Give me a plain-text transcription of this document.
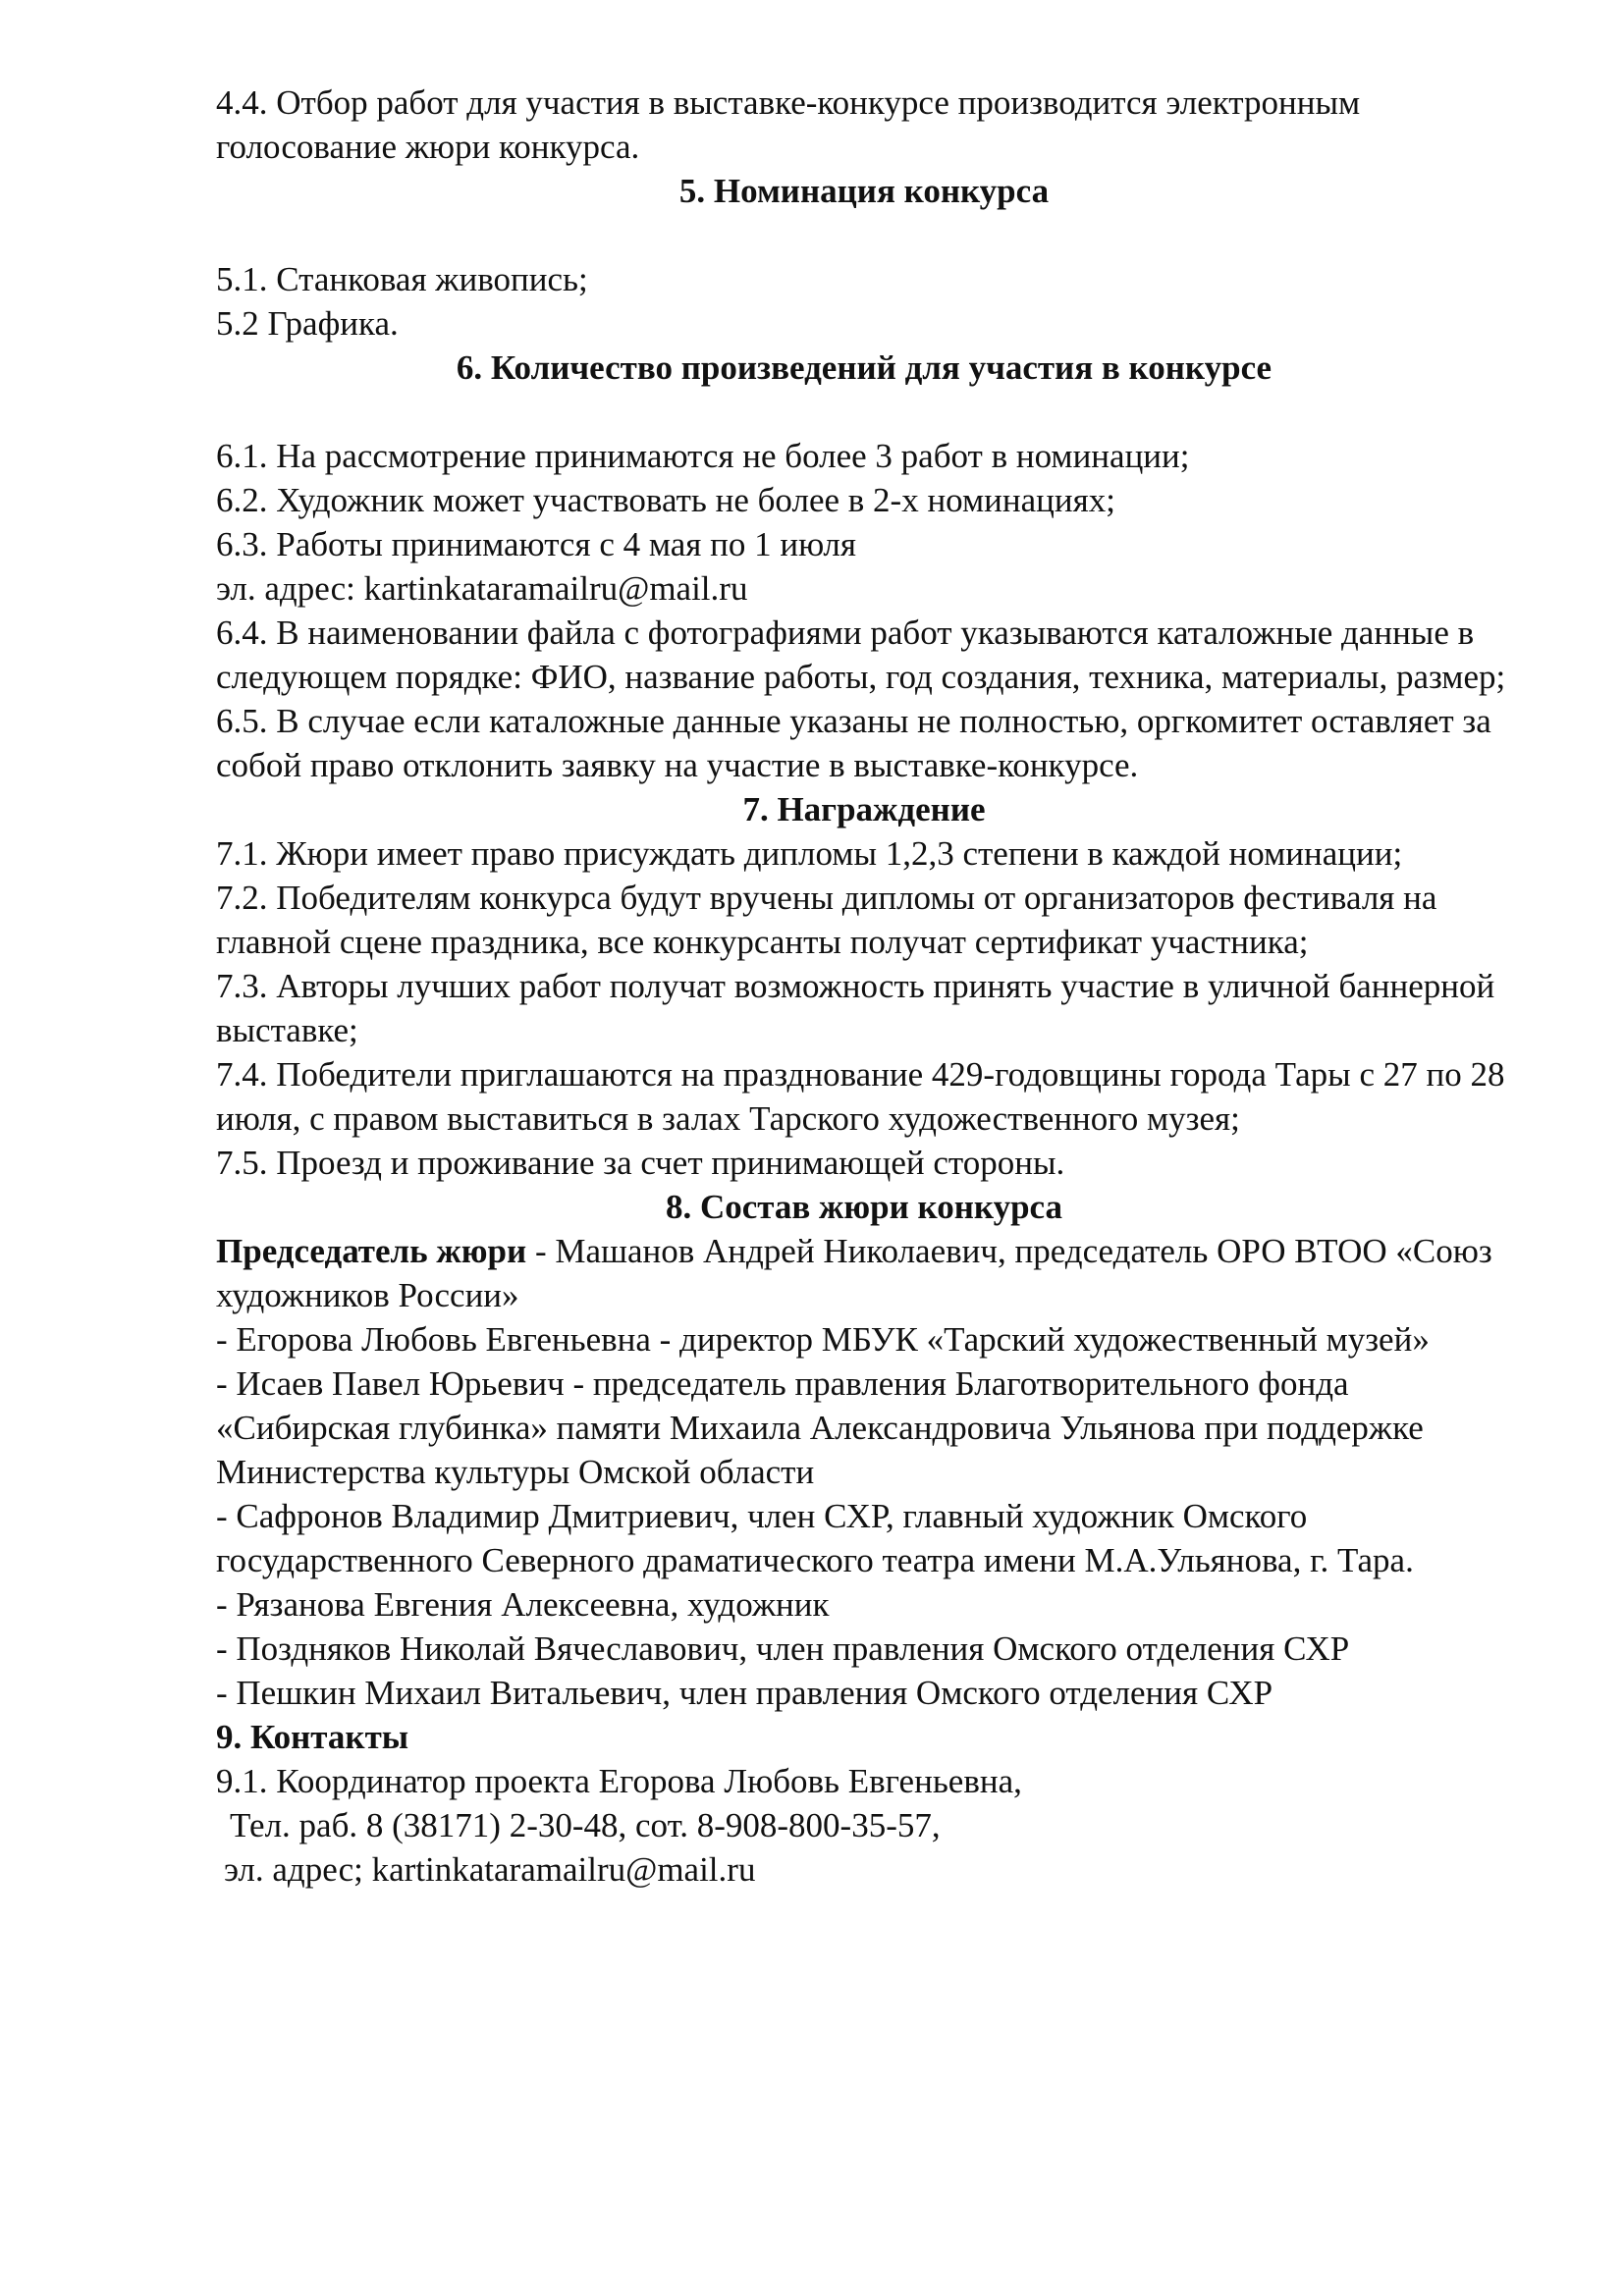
4.4. Отбор работ для участия в выставке-конкурсе производится электронным голосование жюри конкурса.

5. Номинация конкурса

5.1. Станковая живопись;

5.2 Графика.

6. Количество произведений для участия в конкурсе

6.1. На рассмотрение принимаются не более 3 работ в номинации;

6.2. Художник может участвовать не более в 2-х номинациях;

6.3. Работы принимаются с 4 мая по 1 июля

эл. адрес: kartinkataramailru@mail.ru

6.4. В наименовании файла с фотографиями работ указываются каталожные данные в следующем порядке: ФИО, название работы, год создания, техника, материалы, размер;

6.5. В случае если каталожные данные указаны не полностью, оргкомитет оставляет за собой право отклонить заявку на участие в выставке-конкурсе.

7. Награждение

7.1. Жюри имеет право присуждать дипломы 1,2,3 степени в каждой номинации;

7.2. Победителям конкурса будут вручены дипломы от организаторов фестиваля на главной сцене праздника, все конкурсанты получат сертификат участника;

7.3. Авторы лучших работ получат возможность принять участие в уличной баннерной выставке;

7.4. Победители приглашаются на празднование 429-годовщины города Тары с 27 по 28 июля, с правом выставиться в залах Тарского художественного музея;

7.5. Проезд и проживание за счет принимающей стороны.

8. Состав жюри конкурса

Председатель жюри - Машанов Андрей Николаевич, председатель ОРО ВТОО «Союз художников России»

- Егорова Любовь Евгеньевна - директор МБУК «Тарский художественный музей»

- Исаев Павел Юрьевич - председатель правления Благотворительного фонда «Сибирская глубинка» памяти Михаила Александровича Ульянова при поддержке Министерства культуры Омской области

- Сафронов Владимир Дмитриевич, член СХР, главный художник Омского государственного Северного драматического театра имени М.А.Ульянова, г. Тара.

- Рязанова Евгения Алексеевна, художник

- Поздняков Николай Вячеславович, член правления Омского отделения СХР

- Пешкин Михаил Витальевич, член правления Омского отделения СХР

9. Контакты

9.1. Координатор проекта Егорова Любовь Евгеньевна,

Тел. раб. 8 (38171) 2-30-48, сот. 8-908-800-35-57,

эл. адрес; kartinkataramailru@mail.ru
